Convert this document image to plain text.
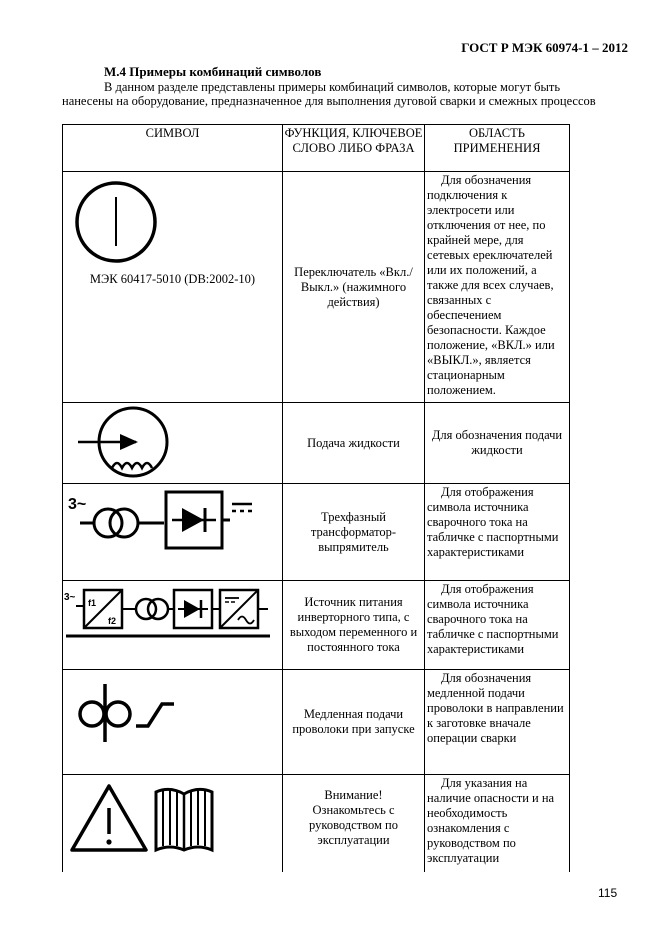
ГОСТ Р МЭК 60974-1 – 2012
М.4 Примеры комбинаций символов
В данном разделе представлены примеры комбинаций символов, которые могут быть нанесены на оборудование, предназначенное для выполнения дуговой сварки и смежных процессов
СИМВОЛ	ФУНКЦИЯ, КЛЮЧЕВОЕ СЛОВО ЛИБО ФРАЗА
ОБЛАСТЬ ПРИМЕНЕНИЯ
МЭК 60417-5010 (DB:2002-10)
Переключатель «Вкл./Выкл.» (нажимного действия)
Для обозначения подключения к электросети или отключения от нее, по крайней мере, для сетевых ереключателей или их положений, а также для всех случаев, связанных с обеспечением безопасности. Каждое положение, «ВКЛ.» или «ВЫКЛ.», является стационарным положением.
Подача жидкости
Для обозначения подачи жидкости
3~
Трехфазный трансформатор-выпрямитель
Для отображения символа источника сварочного тока на табличке с паспортными характеристиками
3~ f1
f2
Источник питания инверторного типа, с выходом переменного и постоянного тока
Для отображения символа источника сварочного тока на табличке с паспортными характеристиками
Медленная подачи проволоки при запуске
Для обозначения медленной подачи проволоки в направлении к заготовке вначале операции сварки
Внимание! Ознакомьтесь с руководством по эксплуатации
Для указания на наличие опасности и на необходимость ознакомления с руководством по эксплуатации
115
